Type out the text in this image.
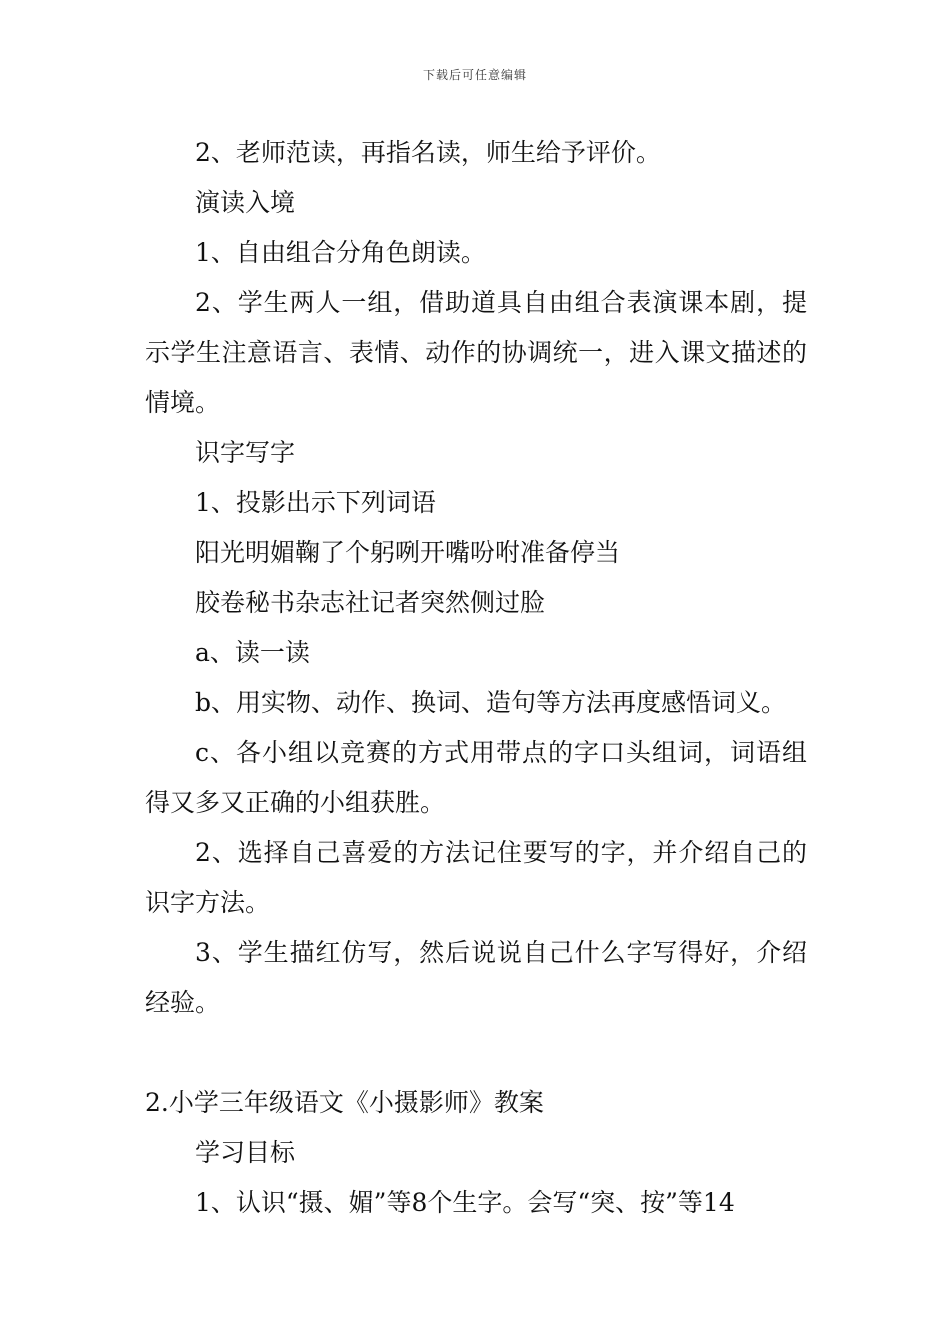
下载后可任意编辑

2、老师范读，再指名读，师生给予评价。

演读入境

1、自由组合分角色朗读。

2、学生两人一组，借助道具自由组合表演课本剧，提示学生注意语言、表情、动作的协调统一，进入课文描述的情境。

识字写字

1、投影出示下列词语

阳光明媚鞠了个躬咧开嘴吩咐准备停当

胶卷秘书杂志社记者突然侧过脸

a、读一读

b、用实物、动作、换词、造句等方法再度感悟词义。

c、各小组以竞赛的方式用带点的字口头组词，词语组得又多又正确的小组获胜。

2、选择自己喜爱的方法记住要写的字，并介绍自己的识字方法。

3、学生描红仿写，然后说说自己什么字写得好，介绍经验。

2.小学三年级语文《小摄影师》教案

学习目标

1、认识“摄、媚”等8个生字。会写“突、按”等14
